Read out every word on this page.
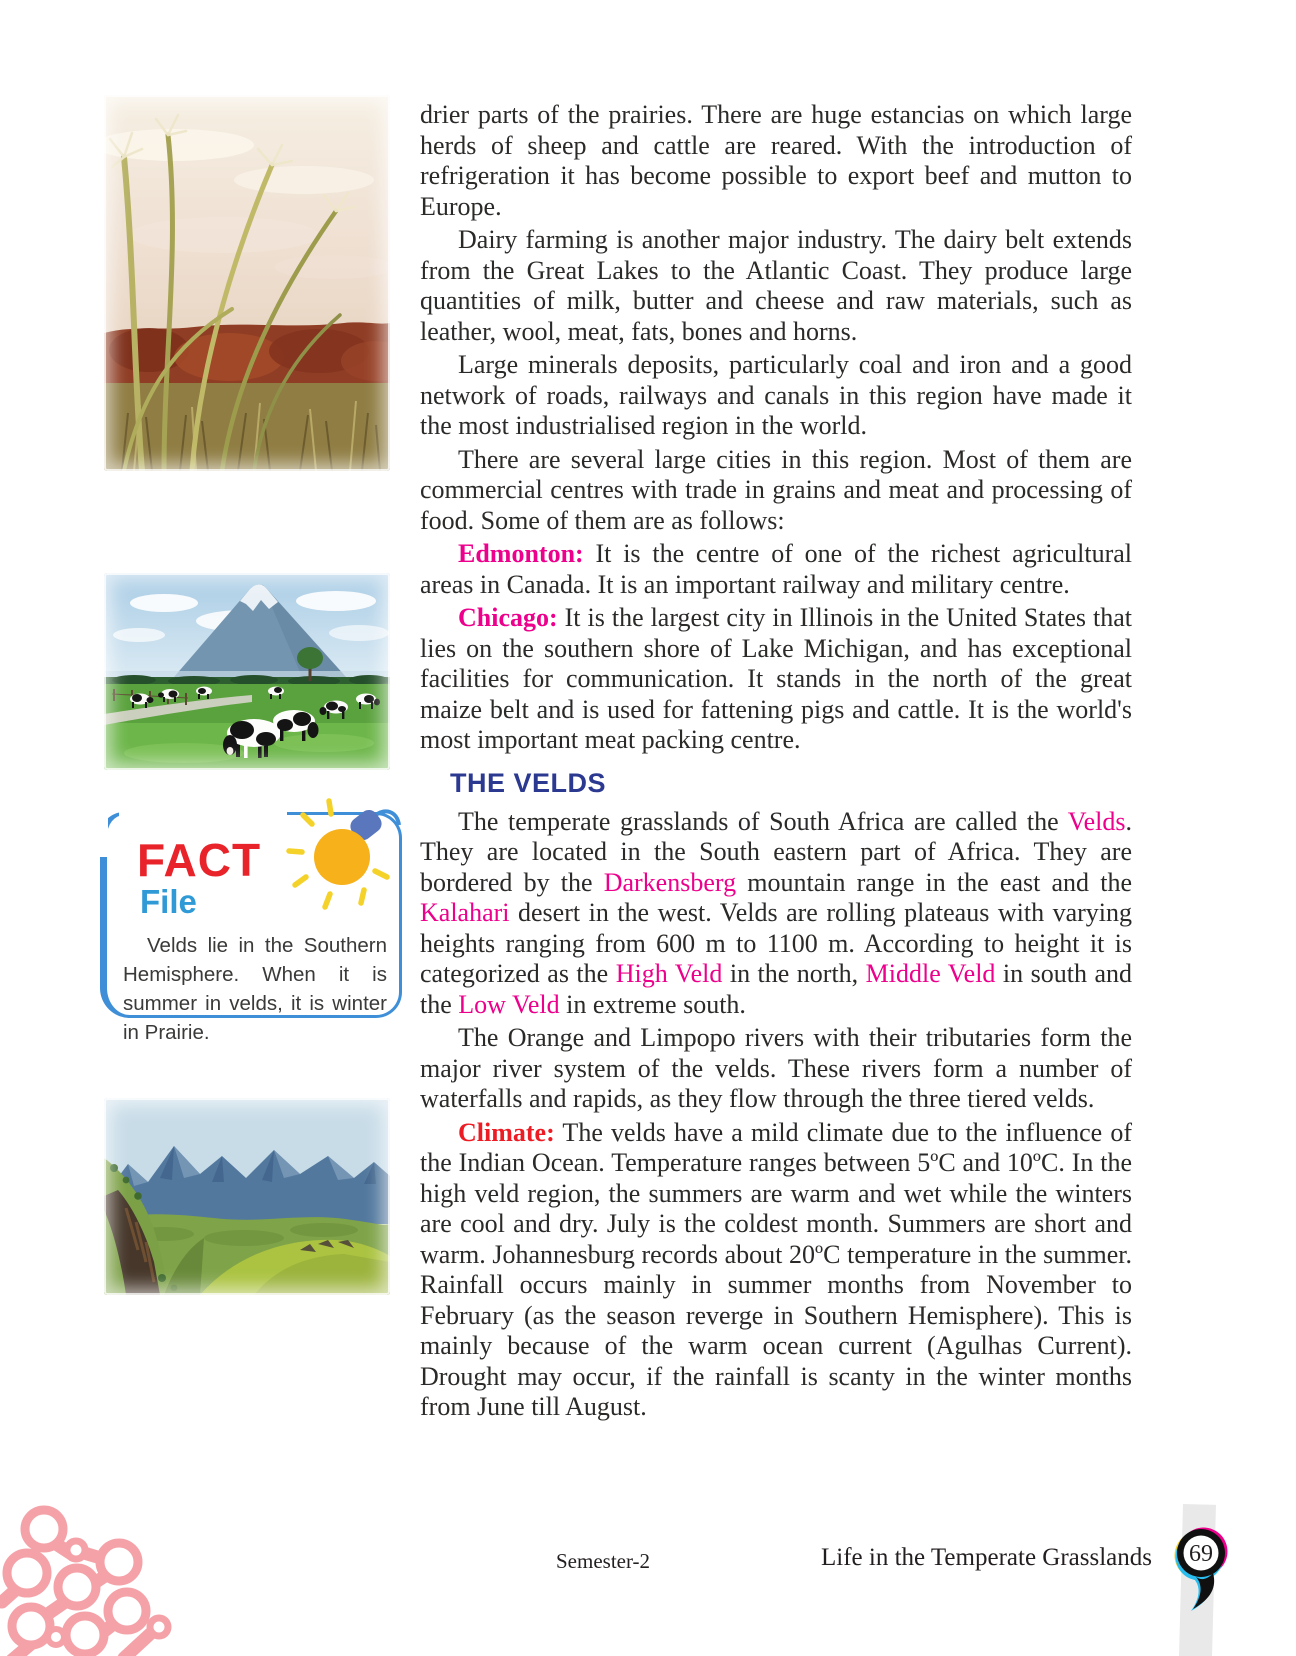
FACT
File
Velds lie in the Southern Hemisphere. When it is summer in velds, it is winter in Prairie.

drier parts of the prairies. There are huge estancias on which large herds of sheep and cattle are reared. With the introduction of refrigeration it has become possible to export beef and mutton to Europe.

Dairy farming is another major industry. The dairy belt extends from the Great Lakes to the Atlantic Coast. They produce large quantities of milk, butter and cheese and raw materials, such as leather, wool, meat, fats, bones and horns.

Large minerals deposits, particularly coal and iron and a good network of roads, railways and canals in this region have made it the most industrialised region in the world.

There are several large cities in this region. Most of them are commercial centres with trade in grains and meat and processing of food. Some of them are as follows:

Edmonton: It is the centre of one of the richest agricultural areas in Canada. It is an important railway and military centre.

Chicago: It is the largest city in Illinois in the United States that lies on the southern shore of Lake Michigan, and has exceptional facilities for communication. It stands in the north of the great maize belt and is used for fattening pigs and cattle. It is the world's most important meat packing centre.

THE VELDS

The temperate grasslands of South Africa are called the Velds. They are located in the South eastern part of Africa. They are bordered by the Darkensberg mountain range in the east and the Kalahari desert in the west. Velds are rolling plateaus with varying heights ranging from 600 m to 1100 m. According to height it is categorized as the High Veld in the north, Middle Veld in south and the Low Veld in extreme south.

The Orange and Limpopo rivers with their tributaries form the major river system of the velds. These rivers form a number of waterfalls and rapids, as they flow through the three tiered velds.

Climate: The velds have a mild climate due to the influence of the Indian Ocean. Temperature ranges between 5ºC and 10ºC. In the high veld region, the summers are warm and wet while the winters are cool and dry. July is the coldest month. Summers are short and warm. Johannesburg records about 20ºC temperature in the summer. Rainfall occurs mainly in summer months from November to February (as the season reverge in Southern Hemisphere). This is mainly because of the warm ocean current (Agulhas Current). Drought may occur, if the rainfall is scanty in the winter months from June till August.

Semester-2	Life in the Temperate Grasslands 69
